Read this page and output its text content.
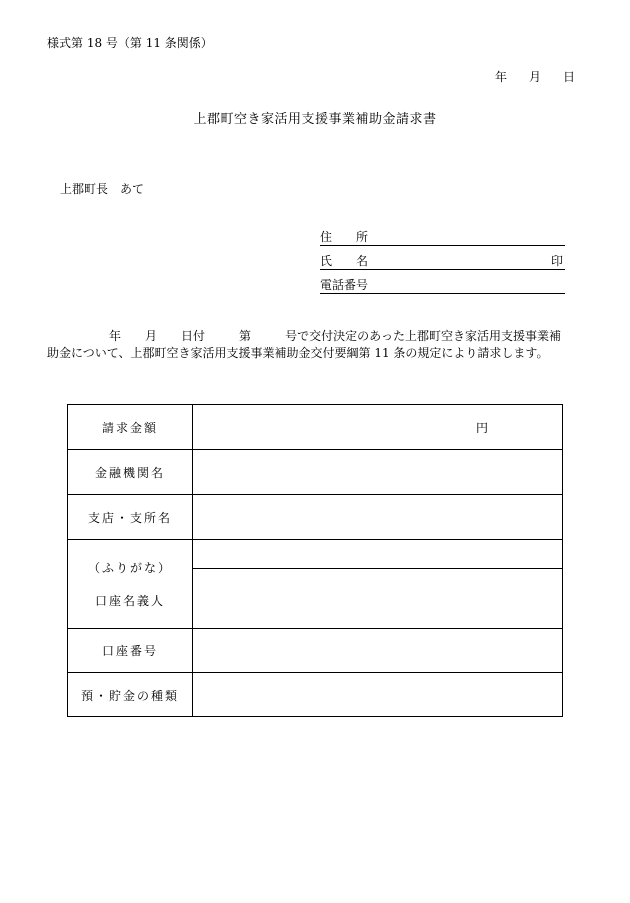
様式第 18 号（第 11 条関係）
年 月 日
上郡町空き家活用支援事業補助金請求書
上郡町長 あて
住　　所
氏　　名	印
電話番号
年 月 日付	第	号で交付決定のあった上郡町空き家活用支援事業補
助金について、上郡町空き家活用支援事業補助金交付要綱第 11 条の規定により請求します。
請求金額	円
金融機関名
支店・支所名
（ふりがな）
口座名義人
口座番号
預・貯金の種類
